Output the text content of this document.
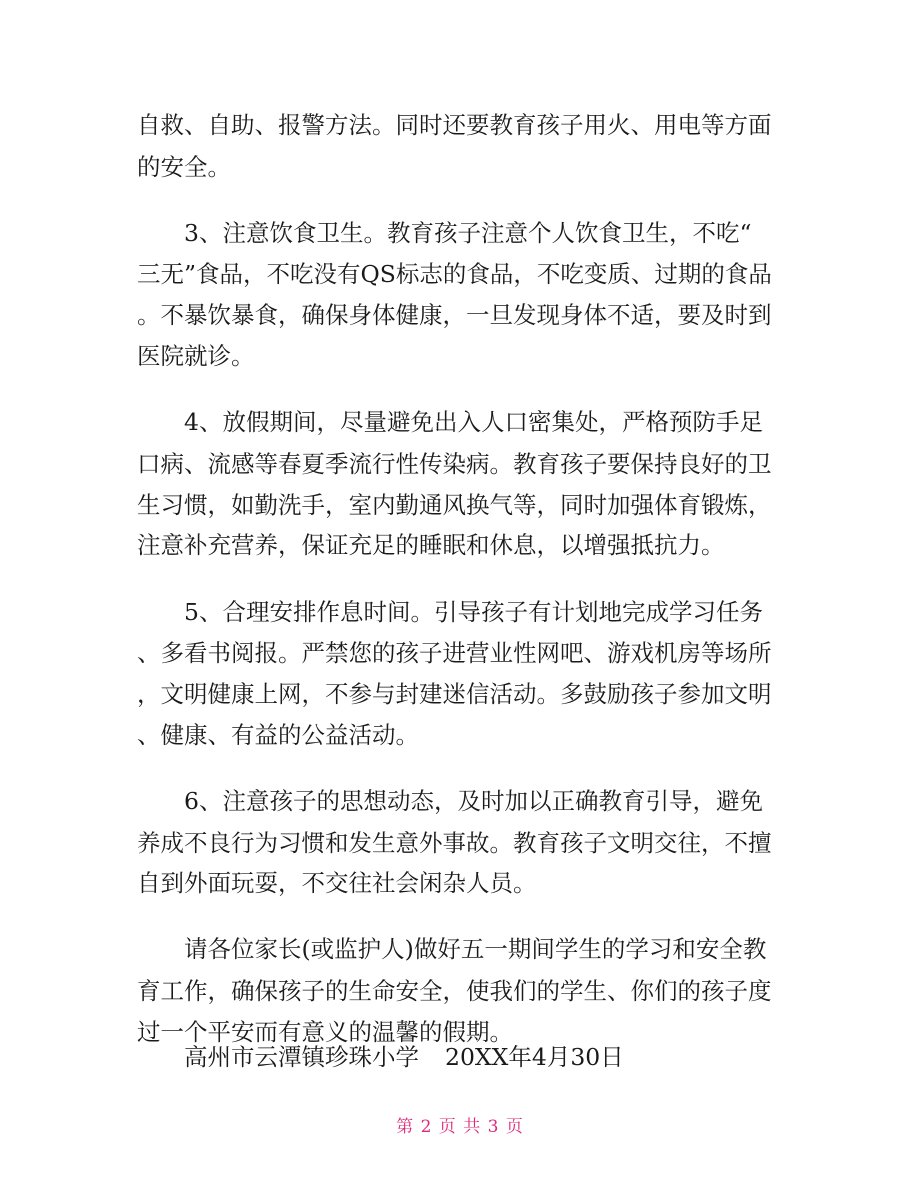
自救、自助、报警方法。同时还要教育孩子用火、用电等方面
的安全。
3、注意饮食卫生。教育孩子注意个人饮食卫生，不吃“
三无”食品，不吃没有QS标志的食品，不吃变质、过期的食品
。不暴饮暴食，确保身体健康，一旦发现身体不适，要及时到
医院就诊。
4、放假期间，尽量避免出入人口密集处，严格预防手足
口病、流感等春夏季流行性传染病。教育孩子要保持良好的卫
生习惯，如勤洗手，室内勤通风换气等，同时加强体育锻炼，
注意补充营养，保证充足的睡眠和休息，以增强抵抗力。
5、合理安排作息时间。引导孩子有计划地完成学习任务
、多看书阅报。严禁您的孩子进营业性网吧、游戏机房等场所
，文明健康上网，不参与封建迷信活动。多鼓励孩子参加文明
、健康、有益的公益活动。
6、注意孩子的思想动态，及时加以正确教育引导，避免
养成不良行为习惯和发生意外事故。教育孩子文明交往，不擅
自到外面玩耍，不交往社会闲杂人员。
请各位家长(或监护人)做好五一期间学生的学习和安全教
育工作，确保孩子的生命安全，使我们的学生、你们的孩子度
过一个平安而有意义的温馨的假期。
高州市云潭镇珍珠小学 20XX年4月30日
第 2 页 共 3 页
